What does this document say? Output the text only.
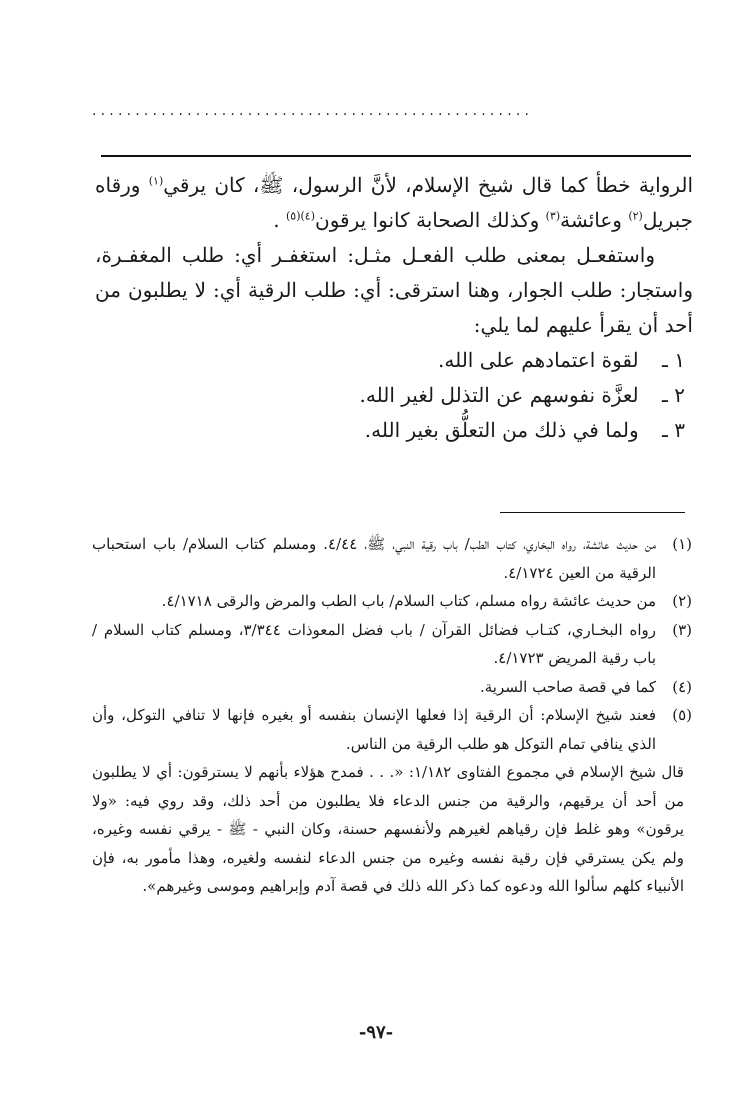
...................................................

الرواية خطأ كما قال شيخ الإسلام، لأنَّ الرسول، ﷺ، كان يرقي$^{(١)}$ ورقاه جبريل$^{(٢)}$ وعائشة$^{(٣)}$ وكذلك الصحابة كانوا يرقون$^{(٤)(٥)}$ .

واستفعـل بمعنى طلب الفعـل مثـل: استغفـر أي: طلب المغفـرة، واستجار: طلب الجوار، وهنا استرقى: أي: طلب الرقية أي: لا يطلبون من أحد أن يقرأ عليهم لما يلي:

١ ـ لقوة اعتمادهم على الله.

٢ ـ لعزَّة نفوسهم عن التذلل لغير الله.

٣ ـ ولما في ذلك من التعلُّق بغير الله.

(١)
من حديث عائشة، رواه البخاري، كتاب الطب/ باب رقية النبي، ﷺ، ٤/٤٤. ومسلم كتاب السلام/ باب استحباب الرقية من العين ٤/١٧٢٤.
(٢)
من حديث عائشة رواه مسلم، كتاب السلام/ باب الطب والمرض والرقى ٤/١٧١٨.
(٣)
رواه البخـاري، كتـاب فضائل القرآن / باب فضل المعوذات ٣/٣٤٤، ومسلم كتاب السلام / باب رقية المريض ٤/١٧٢٣.
(٤)
كما في قصة صاحب السرية.
(٥)
فعند شيخ الإسلام: أن الرقية إذا فعلها الإنسان بنفسه أو بغيره فإنها لا تنافي التوكل، وأن الذي ينافي تمام التوكل هو طلب الرقية من الناس.

قال شيخ الإسلام في مجموع الفتاوى ١/١٨٢: «. . . فمدح هؤلاء بأنهم لا يسترقون: أي لا يطلبون من أحد أن يرقيهم، والرقية من جنس الدعاء فلا يطلبون من أحد ذلك، وقد روي فيه: «ولا يرقون» وهو غلط فإن رقياهم لغيرهم ولأنفسهم حسنة، وكان النبي - ﷺ - يرقي نفسه وغيره، ولم يكن يسترقي فإن رقية نفسه وغيره من جنس الدعاء لنفسه ولغيره، وهذا مأمور به، فإن الأنبياء كلهم سألوا الله ودعوه كما ذكر الله ذلك في قصة آدم وإبراهيم وموسى وغيرهم».

-٩٧-
